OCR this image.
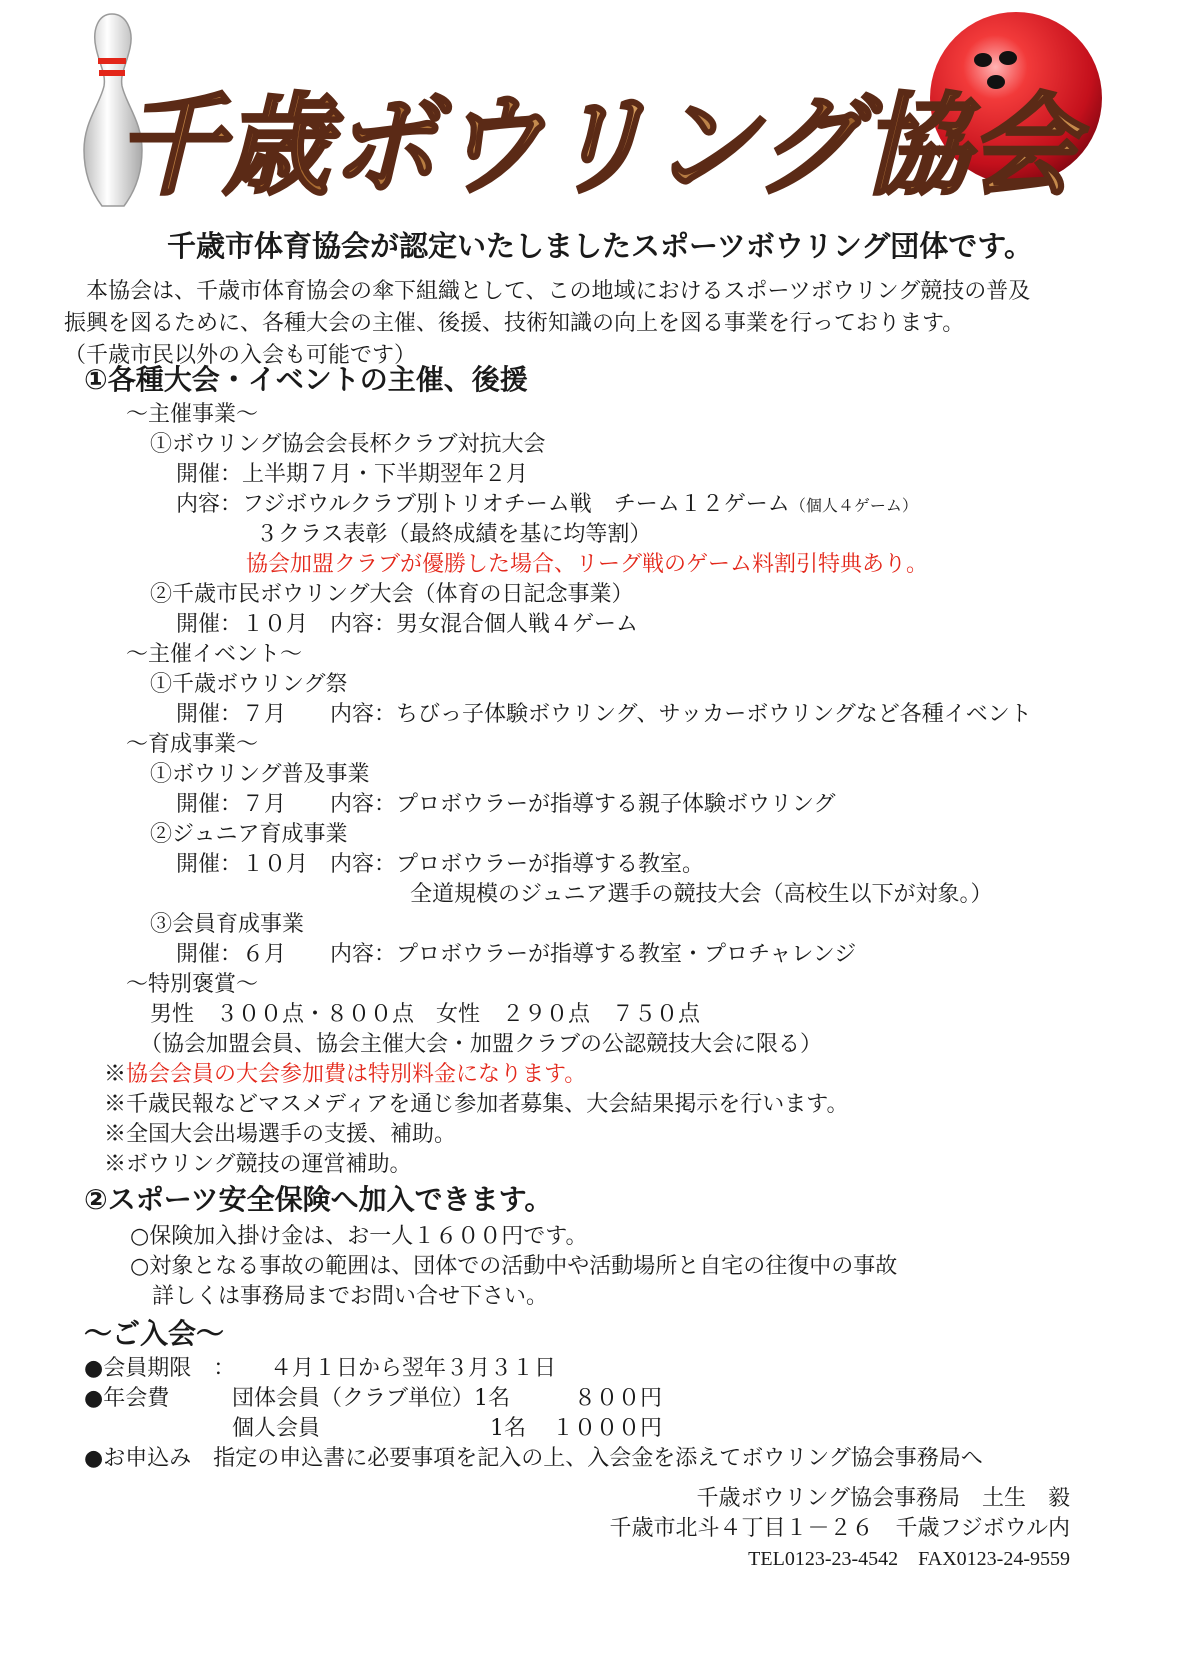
千歳ボウリング協会
千歳市体育協会が認定いたしましたスポーツボウリング団体です。

本協会は、千歳市体育協会の傘下組織として、この地域におけるスポーツボウリング競技の普及

振興を図るために、各種大会の主催、後援、技術知識の向上を図る事業を行っております。

（千歳市民以外の入会も可能です）

①各種大会・イベントの主催、後援
～主催事業～
①ボウリング協会会長杯クラブ対抗大会
開催：上半期７月・下半期翌年２月
内容：フジボウルクラブ別トリオチーム戦　チーム１２ゲーム（個人４ゲーム）
３クラス表彰（最終成績を基に均等割）
協会加盟クラブが優勝した場合、リーグ戦のゲーム料割引特典あり。
②千歳市民ボウリング大会（体育の日記念事業）
開催：１０月　内容：男女混合個人戦４ゲーム
～主催イベント～
①千歳ボウリング祭
開催：７月　　内容：ちびっ子体験ボウリング、サッカーボウリングなど各種イベント
～育成事業～
①ボウリング普及事業
開催：７月　　内容：プロボウラーが指導する親子体験ボウリング
②ジュニア育成事業
開催：１０月　内容：プロボウラーが指導する教室。
全道規模のジュニア選手の競技大会（高校生以下が対象。）
③会員育成事業
開催：６月　　内容：プロボウラーが指導する教室・プロチャレンジ
～特別褒賞～
男性　３００点・８００点　女性　２９０点　７５０点
（協会加盟会員、協会主催大会・加盟クラブの公認競技大会に限る）
※協会会員の大会参加費は特別料金になります。
※千歳民報などマスメディアを通じ参加者募集、大会結果掲示を行います。
※全国大会出場選手の支援、補助。
※ボウリング競技の運営補助。
②スポーツ安全保険へ加入できます。
○保険加入掛け金は、お一人１６００円です。
○対象となる事故の範囲は、団体での活動中や活動場所と自宅の往復中の事故
詳しくは事務局までお問い合せ下さい。
～ご入会～
●会員期限　： ４月１日から翌年３月３１日
●年会費	団体会員（クラブ単位）1名	８００円
個人会員	1名 １０００円
●お申込み　指定の申込書に必要事項を記入の上、入会金を添えてボウリング協会事務局へ
千歳ボウリング協会事務局　土生　毅
千歳市北斗４丁目１－２６　千歳フジボウル内
TEL0123-23-4542　FAX0123-24-9559
